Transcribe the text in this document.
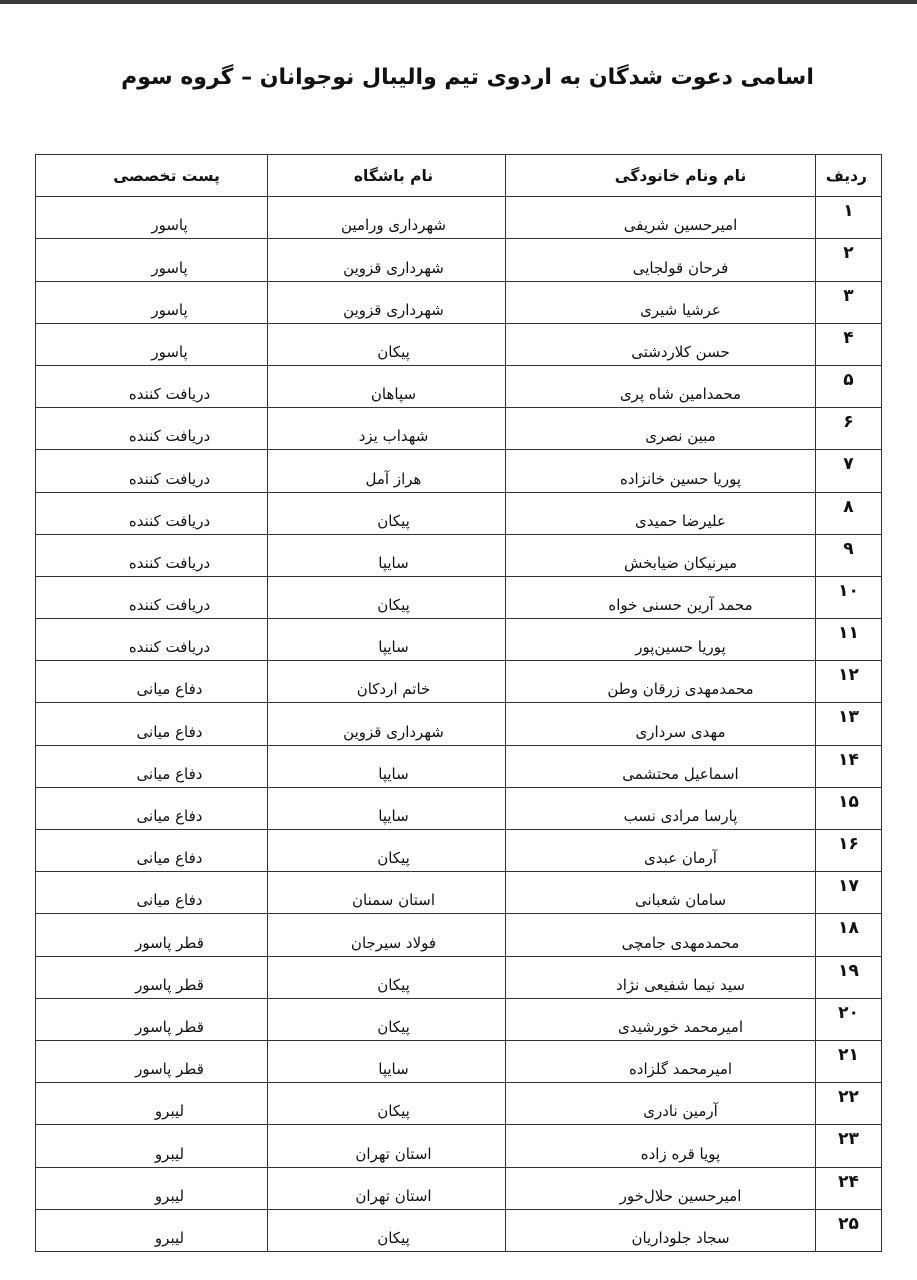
اسامی دعوت شدگان به اردوی تیم والیبال نوجوانان – گروه سوم
ردیف	نام ونام خانودگی	نام باشگاه	پست تخصصی
۱	امیرحسین شریفی	شهرداری ورامین	پاسور
۲	فرحان قولجایی	شهرداری قزوین	پاسور
۳	عرشیا شیری	شهرداری قزوین	پاسور
۴	حسن کلاردشتی	پیکان	پاسور
۵	محمدامین شاه پری	سپاهان	دریافت کننده
۶	مبین نصری	شهداب یزد	دریافت کننده
۷	پوریا حسین خانزاده	هراز آمل	دریافت کننده
۸	علیرضا حمیدی	پیکان	دریافت کننده
۹	میرنیکان ضیابخش	سایپا	دریافت کننده
۱۰	محمد آرین حسنی خواه	پیکان	دریافت کننده
۱۱	پوریا حسین‌پور	سایپا	دریافت کننده
۱۲	محمدمهدی زرقان وطن	خاتم اردکان	دفاع میانی
۱۳	مهدی سرداری	شهرداری قزوین	دفاع میانی
۱۴	اسماعیل محتشمی	سایپا	دفاع میانی
۱۵	پارسا مرادی نسب	سایپا	دفاع میانی
۱۶	آرمان عبدی	پیکان	دفاع میانی
۱۷	سامان شعبانی	استان سمنان	دفاع میانی
۱۸	محمدمهدی جامچی	فولاد سیرجان	قطر پاسور
۱۹	سید نیما شفیعی نژاد	پیکان	قطر پاسور
۲۰	امیرمحمد خورشیدی	پیکان	قطر پاسور
۲۱	امیرمحمد گلزاده	سایپا	قطر پاسور
۲۲	آرمین نادری	پیکان	لیبرو
۲۳	پویا قره زاده	استان تهران	لیبرو
۲۴	امیرحسین حلال‌خور	استان تهران	لیبرو
۲۵	سجاد جلوداریان	پیکان	لیبرو
